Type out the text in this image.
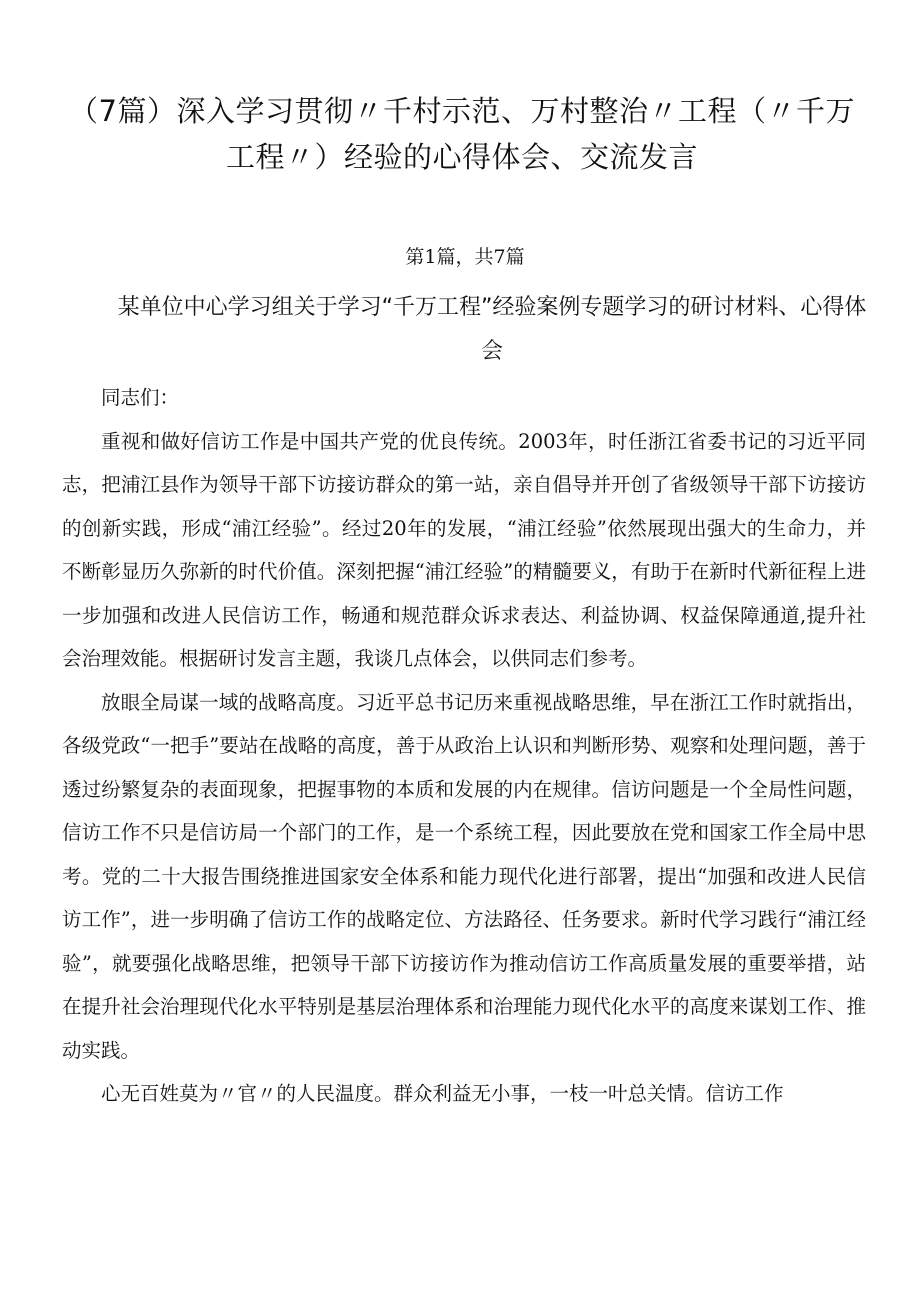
（7篇）深入学习贯彻〃千村示范、万村整治〃工程（〃千万工程〃）经验的心得体会、交流发言
第1篇，共7篇
某单位中心学习组关于学习“千万工程”经验案例专题学习的研讨材料、心得体会

同志们：

重视和做好信访工作是中国共产党的优良传统。2003年，时任浙江省委书记的习近平同志，把浦江县作为领导干部下访接访群众的第一站，亲自倡导并开创了省级领导干部下访接访的创新实践，形成“浦江经验”。经过20年的发展，“浦江经验”依然展现出强大的生命力，并不断彰显历久弥新的时代价值。深刻把握“浦江经验”的精髓要义，有助于在新时代新征程上进一步加强和改进人民信访工作，畅通和规范群众诉求表达、利益协调、权益保障通道,提升社会治理效能。根据研讨发言主题，我谈几点体会，以供同志们参考。

放眼全局谋一域的战略高度。习近平总书记历来重视战略思维，早在浙江工作时就指出，各级党政“一把手”要站在战略的高度，善于从政治上认识和判断形势、观察和处理问题，善于透过纷繁复杂的表面现象，把握事物的本质和发展的内在规律。信访问题是一个全局性问题，信访工作不只是信访局一个部门的工作，是一个系统工程，因此要放在党和国家工作全局中思考。党的二十大报告围绕推进国家安全体系和能力现代化进行部署，提出“加强和改进人民信访工作”，进一步明确了信访工作的战略定位、方法路径、任务要求。新时代学习践行“浦江经验”，就要强化战略思维，把领导干部下访接访作为推动信访工作高质量发展的重要举措，站在提升社会治理现代化水平特别是基层治理体系和治理能力现代化水平的高度来谋划工作、推动实践。

心无百姓莫为〃官〃的人民温度。群众利益无小事，一枝一叶总关情。信访工作
